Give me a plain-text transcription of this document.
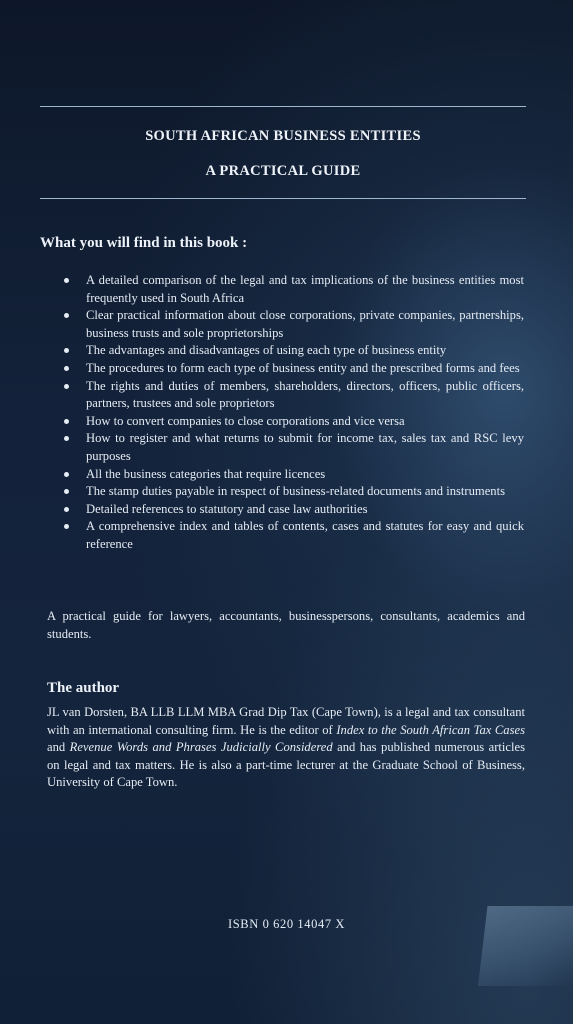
SOUTH AFRICAN BUSINESS ENTITIES
A PRACTICAL GUIDE
What you will find in this book :
A detailed comparison of the legal and tax implications of the business entities most frequently used in South Africa
Clear practical information about close corporations, private companies, partnerships, business trusts and sole proprietorships
The advantages and disadvantages of using each type of business entity
The procedures to form each type of business entity and the prescribed forms and fees
The rights and duties of members, shareholders, directors, officers, public officers, partners, trustees and sole proprietors
How to convert companies to close corporations and vice versa
How to register and what returns to submit for income tax, sales tax and RSC levy purposes
All the business categories that require licences
The stamp duties payable in respect of business-related documents and instruments
Detailed references to statutory and case law authorities
A comprehensive index and tables of contents, cases and statutes for easy and quick reference

A practical guide for lawyers, accountants, businesspersons, consultants, academics and students.

The author

JL van Dorsten, BA LLB LLM MBA Grad Dip Tax (Cape Town), is a legal and tax consultant with an international consulting firm. He is the editor of Index to the South African Tax Cases and Revenue Words and Phrases Judicially Considered and has published numerous articles on legal and tax matters. He is also a part-time lecturer at the Graduate School of Business, University of Cape Town.

ISBN 0 620 14047 X
